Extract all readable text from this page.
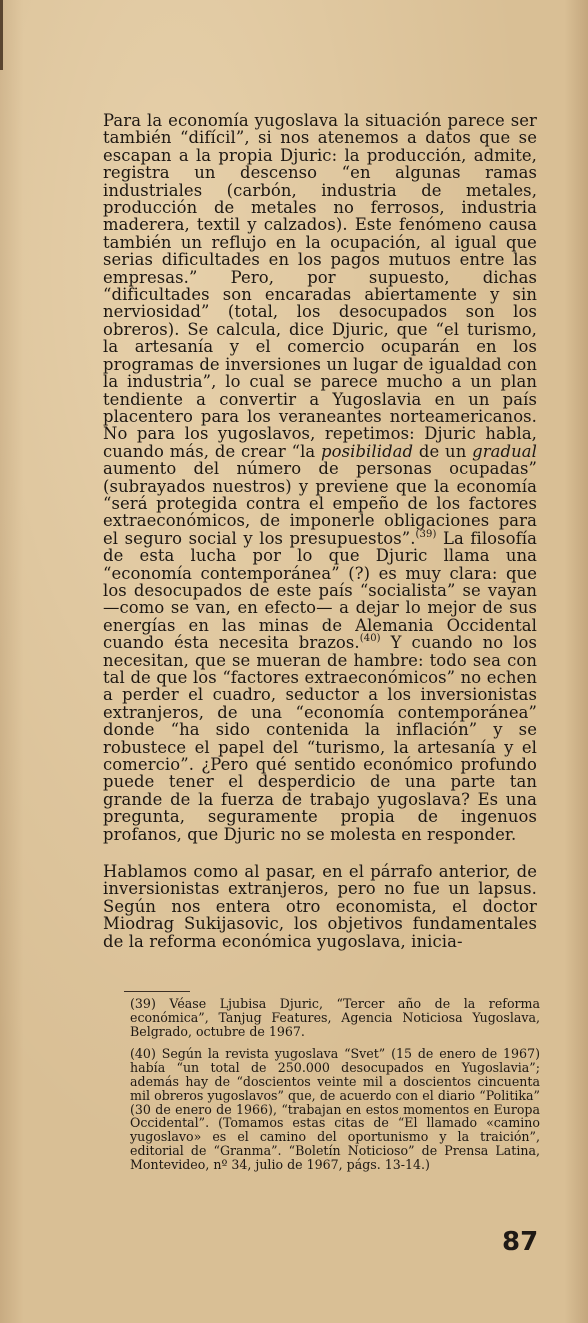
Para la economía yugoslava la situación parece ser también “difícil”, si nos atenemos a datos que se escapan a la propia Djuric: la producción, admite, registra un descenso “en algunas ramas industriales (carbón, industria de metales, producción de metales no ferrosos, industria maderera, textil y calzados). Este fenómeno causa también un reflujo en la ocupación, al igual que serias dificultades en los pagos mutuos entre las empresas.” Pero, por supuesto, dichas “dificultades son encaradas abiertamente y sin nerviosidad” (total, los desocupados son los obreros). Se calcula, dice Djuric, que “el turismo, la artesanía y el comercio ocuparán en los programas de inversiones un lugar de igualdad con la industria”, lo cual se parece mucho a un plan tendiente a convertir a Yugoslavia en un país placentero para los veraneantes norteamericanos. No para los yugoslavos, repetimos: Djuric habla, cuando más, de crear “la posibilidad de un gradual aumento del número de personas ocupadas” (subrayados nuestros) y previene que la economía “será protegida contra el empeño de los factores extraeconómicos, de imponerle obligaciones para el seguro social y los presupuestos”.$^{(39)}$ La filosofía de esta lucha por lo que Djuric llama una “economía contemporánea” (?) es muy clara: que los desocupados de este país “socialista” se vayan —como se van, en efecto— a dejar lo mejor de sus energías en las minas de Alemania Occidental cuando ésta necesita brazos.$^{(40)}$ Y cuando no los necesitan, que se mueran de hambre: todo sea con tal de que los “factores extraeconómicos” no echen a perder el cuadro, seductor a los inversionistas extranjeros, de una “economía contemporánea” donde “ha sido contenida la inflación” y se robustece el papel del “turismo, la artesanía y el comercio”. ¿Pero qué sentido económico profundo puede tener el desperdicio de una parte tan grande de la fuerza de trabajo yugoslava? Es una pregunta, seguramente propia de ingenuos profanos, que Djuric no se molesta en responder.

Hablamos como al pasar, en el párrafo anterior, de inversionistas extranjeros, pero no fue un lapsus. Según nos entera otro economista, el doctor Miodrag Sukijasovic, los objetivos fundamentales de la reforma económica yugoslava, inicia-

(39) Véase Ljubisa Djuric, “Tercer año de la reforma económica”, Tanjug Features, Agencia Noticiosa Yugoslava, Belgrado, octubre de 1967.

(40) Según la revista yugoslava “Svet” (15 de enero de 1967) había “un total de 250.000 desocupados en Yugoslavia”; además hay de “doscientos veinte mil a doscientos cincuenta mil obreros yugoslavos” que, de acuerdo con el diario “Politika” (30 de enero de 1966), “trabajan en estos momentos en Europa Occidental”. (Tomamos estas citas de “El llamado «camino yugoslavo» es el camino del oportunismo y la traición”, editorial de “Granma”. “Boletín Noticioso” de Prensa Latina, Montevideo, nº 34, julio de 1967, págs. 13-14.)

87
